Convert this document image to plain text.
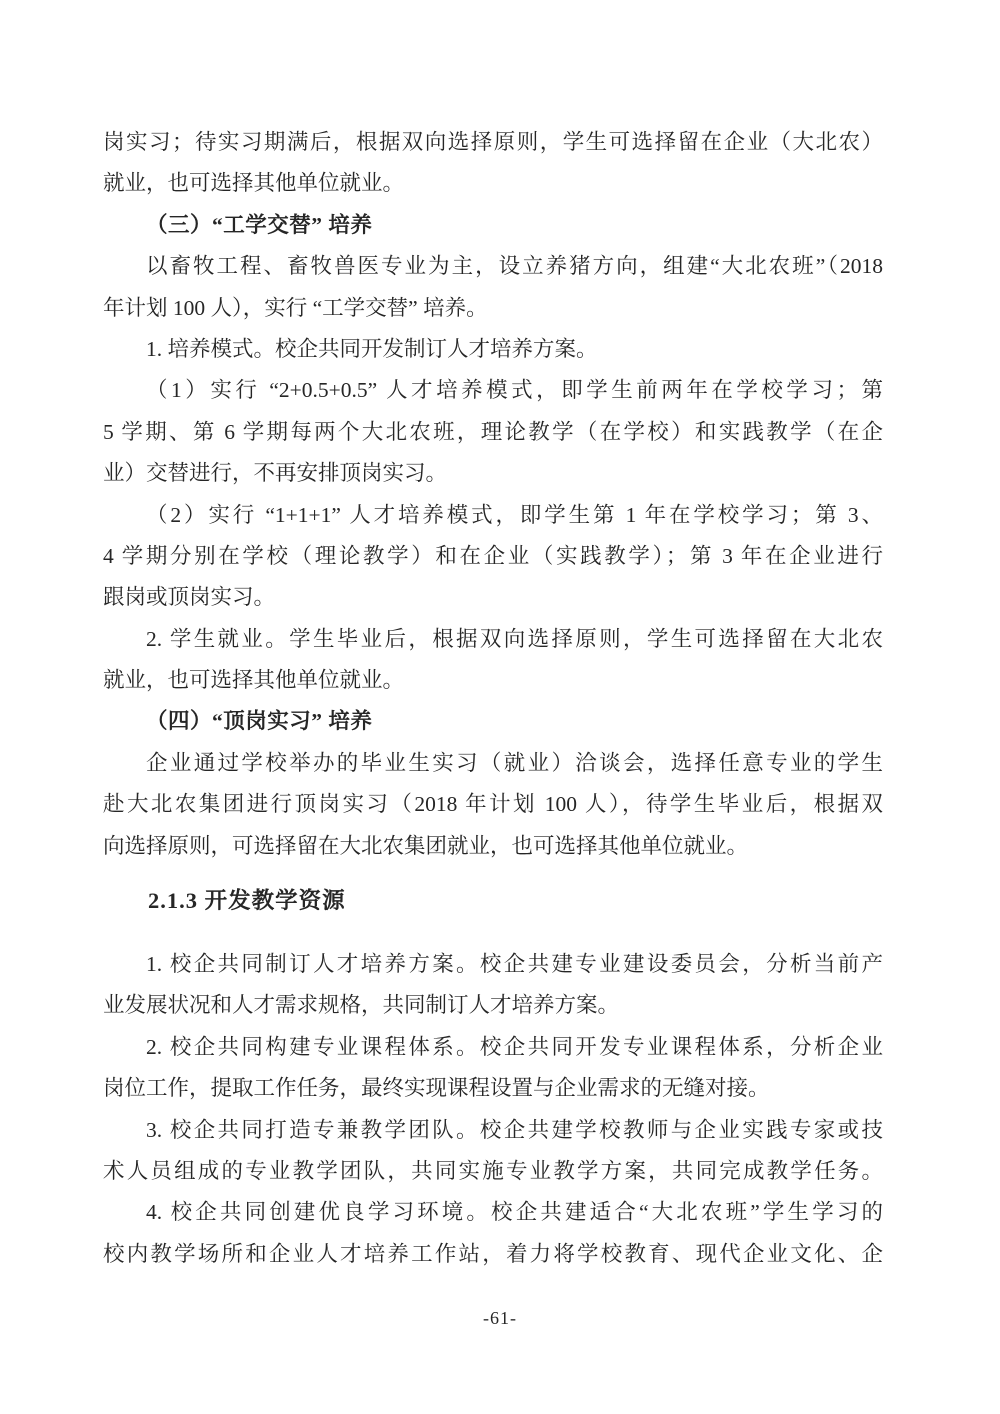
岗实习；待实习期满后，根据双向选择原则，学生可选择留在企业（大北农）
就业，也可选择其他单位就业。
（三）“工学交替” 培养
以畜牧工程、畜牧兽医专业为主，设立养猪方向，组建“大北农班”（2018
年计划 100 人），实行 “工学交替” 培养。
1. 培养模式。校企共同开发制订人才培养方案。
（1）实行 “2+0.5+0.5” 人才培养模式，即学生前两年在学校学习；第
5 学期、第 6 学期每两个大北农班，理论教学（在学校）和实践教学（在企
业）交替进行，不再安排顶岗实习。
（2）实行 “1+1+1” 人才培养模式，即学生第 1 年在学校学习；第 3、
4 学期分别在学校（理论教学）和在企业（实践教学）；第 3 年在企业进行
跟岗或顶岗实习。
2. 学生就业。学生毕业后，根据双向选择原则，学生可选择留在大北农
就业，也可选择其他单位就业。
（四）“顶岗实习” 培养
企业通过学校举办的毕业生实习（就业）洽谈会，选择任意专业的学生
赴大北农集团进行顶岗实习（2018 年计划 100 人），待学生毕业后，根据双
向选择原则，可选择留在大北农集团就业，也可选择其他单位就业。
2.1.3 开发教学资源
1. 校企共同制订人才培养方案。校企共建专业建设委员会，分析当前产
业发展状况和人才需求规格，共同制订人才培养方案。
2. 校企共同构建专业课程体系。校企共同开发专业课程体系，分析企业
岗位工作，提取工作任务，最终实现课程设置与企业需求的无缝对接。
3. 校企共同打造专兼教学团队。校企共建学校教师与企业实践专家或技
术人员组成的专业教学团队，共同实施专业教学方案，共同完成教学任务。
4. 校企共同创建优良学习环境。校企共建适合“大北农班”学生学习的
校内教学场所和企业人才培养工作站，着力将学校教育、现代企业文化、企
-61-
